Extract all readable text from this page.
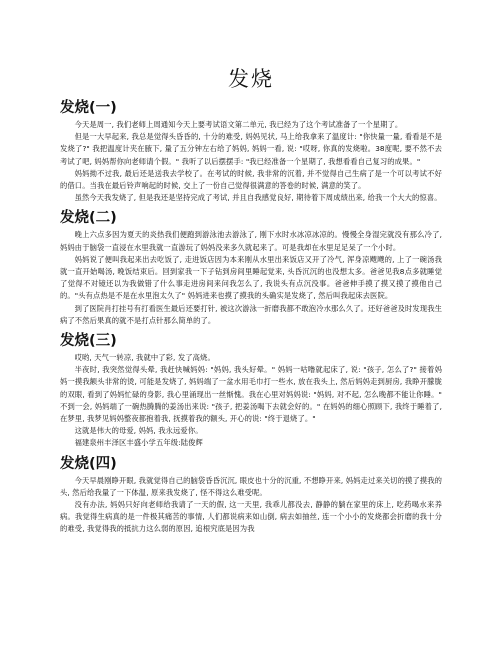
发烧
发烧(一)

今天是周一, 我们老师上周通知今天上要考试语文第二单元, 我已经为了这个考试准备了一个星期了。

但是一大早起来, 我总是觉得头昏昏的, 十分的难受, 妈妈见状, 马上给我拿来了温度计: "你快量一量, 看看是不是发烧了?" 我把温度计夹在腋下, 量了五分钟左右给了妈妈, 妈妈一看, 说: "哎呀, 你真的发烧啦。38度呢, 要不然不去考试了吧, 妈妈帮你向老师请个假。" 我听了以后摆摆手: "我已经准备一个星期了, 我想看看自己复习的成果。"

妈妈拗不过我, 最后还是送我去学校了。在考试的时候, 我非常的沉着, 并不觉得自己生病了是一个可以考试不好的借口。当我在最后铃声响起的时候, 交上了一份自己觉得很满意的答卷的时候, 满意的笑了。

虽然今天我发烧了, 但是我还是坚持完成了考试, 并且自我感觉良好, 期待着下周成绩出来, 给我一个大大的惊喜。

发烧(二)

晚上六点多因为夏天的炎热我们便跑到游泳池去游泳了, 刚下水时水冰凉冰凉的。慢慢全身湿完就没有那么冷了, 妈妈由于脑袋一直浸在水里我就一直游玩了妈妈没来多久就起来了。可是我却在水里足足呆了一个小时。

妈妈说了便叫我起来出去吃饭了, 走进饭店因为本来刚从水里出来饭店又开了冷气, 浑身凉飕飕的, 上了一碗汤我就一直开始喝汤, 晚饭结束后。回到家我一下子钻到房间里睡起觉来, 头昏沉沉的也没想太多。爸爸见我8点多就睡觉了觉得不对镜还以为我做错了什么事走进房间来问我怎么了, 我说头有点沉没事。爸爸伸手摸了摸又摸了摸他自己的。"头有点热是不是在水里泡太久了" 妈妈进来也摸了摸我的头确实是发烧了, 然后叫我起床去医院。

到了医院肖打挂号有打看医生最后还要打针, 被这次游泳一折磨我都不敢泡冷水那么久了。还好爸爸及时发现我生病了不然后果真的就不是打点针那么简单的了。

发烧(三)

哎哟, 天气一转凉, 我就中了彩, 发了高烧。

半夜时, 我突然觉得头晕, 我赶快喊妈妈: "妈妈, 我头好晕。" 妈妈一咕噜就起床了, 说: "孩子, 怎么了?" 接着妈妈一摸我额头非常的烫, 可能是发烧了, 妈妈端了一盆水用毛巾打一些水, 放在我头上, 然后妈妈走到厨房, 我睁开朦胧的双眼, 看到了妈妈忙碌的身影, 我心里涌现出一丝惭愧。我在心里对妈妈说: "妈妈, 对不起, 怎么晚都不能让你睡。" 不到一会, 妈妈端了一碗热腾腾的姜汤出来说: "孩子, 把姜汤喝下去就会好的。" 在妈妈的细心照顾下, 我终于睡着了, 在梦里, 我梦见妈妈整夜都抱着我, 抚摸着我的额头, 开心的说: "终于退烧了。"

这就是伟大的母爱, 妈妈, 我永远爱你。

福建泉州丰泽区丰盛小学五年级:陆俊辉

发烧(四)

今天早晨刚睁开眼, 我就觉得自己的脑袋昏昏沉沉, 眼皮也十分的沉重, 不想睁开来, 妈妈走过来关切的摸了摸我的头, 然后给我量了一下体温, 原来我发烧了, 怪不得这么难受呢。

没有办法, 妈妈只好向老师给我请了一天的假, 这一天里, 我乖儿都没去, 静静的躺在家里的床上, 吃药喝水来养病。我觉得生病真的是一件极其痛苦的事情, 人们都说病来如山倒, 病去如抽丝, 连一个小小的发烧都会折磨的我十分的难受, 我觉得我的抵抗力这么弱的原因, 追根究底是因为我
